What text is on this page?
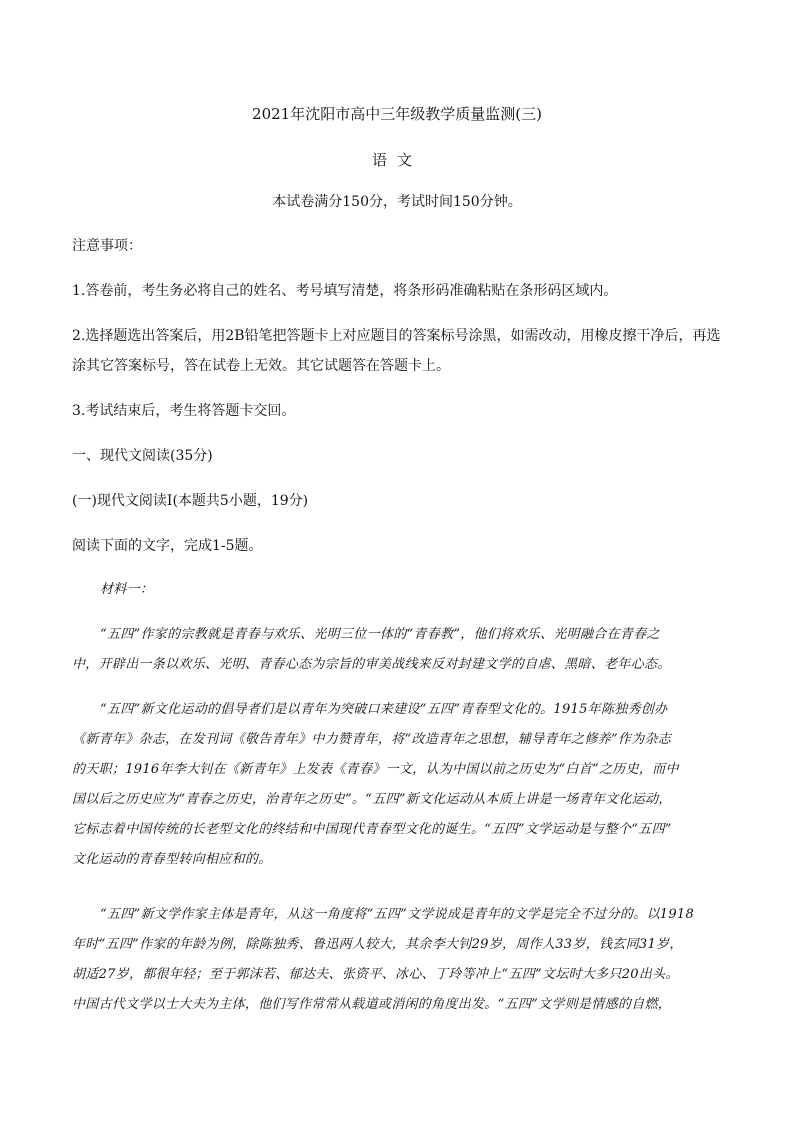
2021年沈阳市高中三年级教学质量监测(三)
语文
本试卷满分150分，考试时间150分钟。
注意事项：
1.答卷前，考生务必将自己的姓名、考号填写清楚，将条形码准确粘贴在条形码区域内。
2.选择题选出答案后，用2B铅笔把答题卡上对应题目的答案标号涂黑，如需改动，用橡皮擦干净后，再选
涂其它答案标号，答在试卷上无效。其它试题答在答题卡上。
3.考试结束后，考生将答题卡交回。
一、现代文阅读(35分)
(一)现代文阅读Ⅰ(本题共5小题，19分)
阅读下面的文字，完成1-5题。
材料一：
“五四”作家的宗教就是青春与欢乐、光明三位一体的“青春教”，他们将欢乐、光明融合在青春之
中，开辟出一条以欢乐、光明、青春心态为宗旨的审美战线来反对封建文学的自虐、黑暗、老年心态。
“五四”新文化运动的倡导者们是以青年为突破口来建设“五四”青春型文化的。1915年陈独秀创办
《新青年》杂志，在发刊词《敬告青年》中力赞青年，将“改造青年之思想，辅导青年之修养”作为杂志
的天职；1916年李大钊在《新青年》上发表《青春》一文，认为中国以前之历史为“白首”之历史，而中
国以后之历史应为“青春之历史，治青年之历史”。“五四”新文化运动从本质上讲是一场青年文化运动，
它标志着中国传统的长老型文化的终结和中国现代青春型文化的诞生。“五四”文学运动是与整个“五四”
文化运动的青春型转向相应和的。
“五四”新文学作家主体是青年，从这一角度将“五四”文学说成是青年的文学是完全不过分的。以1918
年时“五四”作家的年龄为例，除陈独秀、鲁迅两人较大，其余李大钊29岁，周作人33岁，钱玄同31岁，
胡适27岁，都很年轻；至于郭沫若、郁达夫、张资平、冰心、丁玲等冲上“五四”文坛时大多只20出头。
中国古代文学以士大夫为主体，他们写作常常从载道或消闲的角度出发。“五四”文学则是情感的自燃，
